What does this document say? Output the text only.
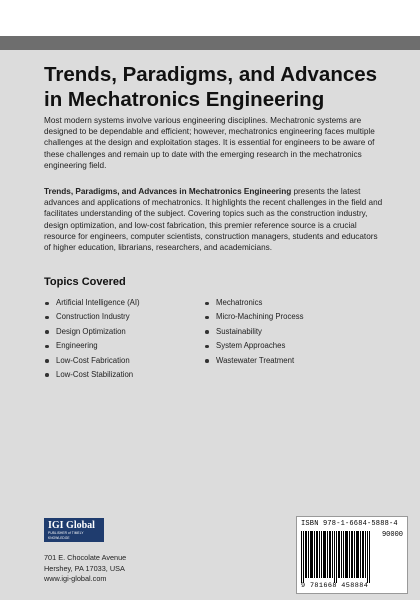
Trends, Paradigms, and Advances
in Mechatronics Engineering

Most modern systems involve various engineering disciplines. Mechatronic systems are designed to be dependable and efficient; however, mechatronics engineering faces multiple challenges at the design and exploitation stages. It is essential for engineers to be aware of these challenges and remain up to date with the emerging research in the mechatronics engineering field.

Trends, Paradigms, and Advances in Mechatronics Engineering presents the latest advances and applications of mechatronics. It highlights the recent challenges in the field and facilitates understanding of the subject. Covering topics such as the construction industry, design optimization, and low-cost fabrication, this premier reference source is a crucial resource for engineers, computer scientists, construction managers, students and educators of higher education, librarians, researchers, and academicians.

Topics Covered
Artificial Intelligence (AI)
Construction Industry
Design Optimization
Engineering
Low-Cost Fabrication
Low-Cost Stabilization
Mechatronics
Micro-Machining Process
Sustainability
System Approaches
Wastewater Treatment
IGI Global
PUBLISHER of TIMELY KNOWLEDGE
701 E. Chocolate Avenue
Hershey, PA 17033, USA
www.igi-global.com
ISBN 978-1-6684-5888-4
90000
9 781668 458884
